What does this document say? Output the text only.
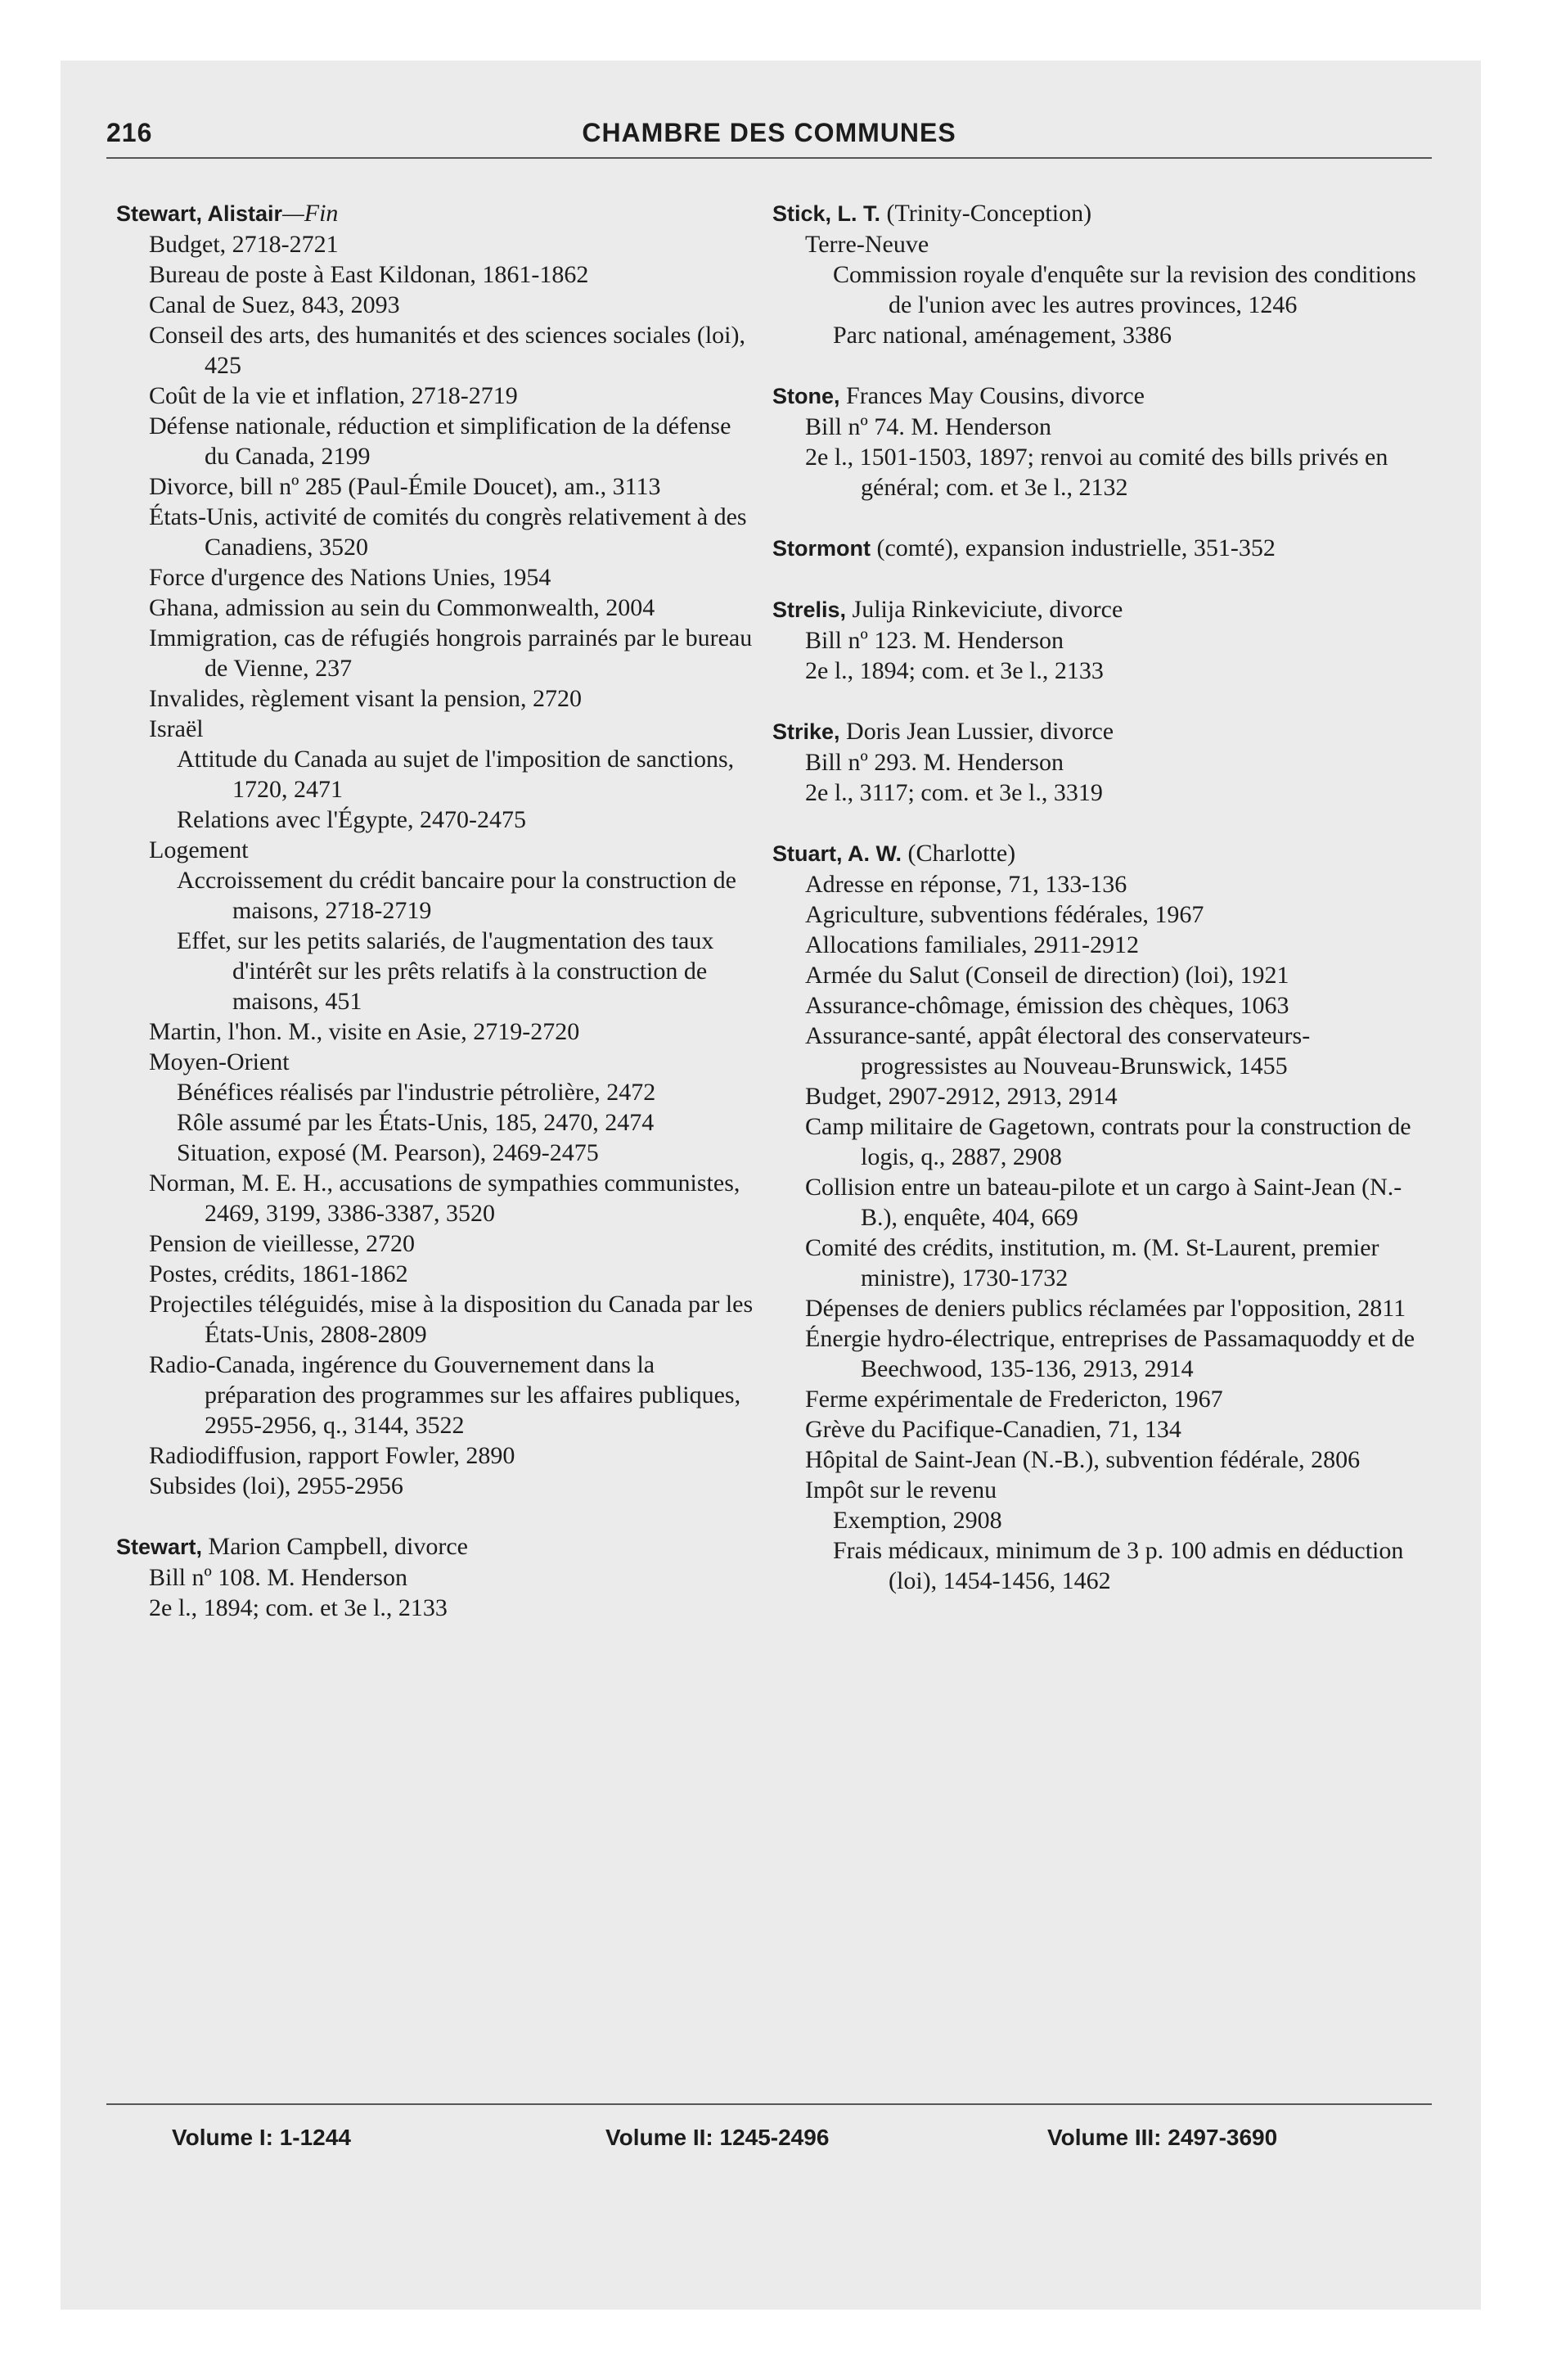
216	CHAMBRE DES COMMUNES
Stewart, Alistair—Fin
Budget, 2718-2721
Bureau de poste à East Kildonan, 1861-1862
Canal de Suez, 843, 2093
Conseil des arts, des humanités et des sciences sociales (loi), 425
Coût de la vie et inflation, 2718-2719
Défense nationale, réduction et simplification de la défense du Canada, 2199
Divorce, bill nº 285 (Paul-Émile Doucet), am., 3113
États-Unis, activité de comités du congrès relativement à des Canadiens, 3520
Force d'urgence des Nations Unies, 1954
Ghana, admission au sein du Commonwealth, 2004
Immigration, cas de réfugiés hongrois parrainés par le bureau de Vienne, 237
Invalides, règlement visant la pension, 2720
Israël
Attitude du Canada au sujet de l'imposition de sanctions, 1720, 2471
Relations avec l'Égypte, 2470-2475
Logement
Accroissement du crédit bancaire pour la construction de maisons, 2718-2719
Effet, sur les petits salariés, de l'augmentation des taux d'intérêt sur les prêts relatifs à la construction de maisons, 451
Martin, l'hon. M., visite en Asie, 2719-2720
Moyen-Orient
Bénéfices réalisés par l'industrie pétrolière, 2472
Rôle assumé par les États-Unis, 185, 2470, 2474
Situation, exposé (M. Pearson), 2469-2475
Norman, M. E. H., accusations de sympathies communistes, 2469, 3199, 3386-3387, 3520
Pension de vieillesse, 2720
Postes, crédits, 1861-1862
Projectiles téléguidés, mise à la disposition du Canada par les États-Unis, 2808-2809
Radio-Canada, ingérence du Gouvernement dans la préparation des programmes sur les affaires publiques, 2955-2956, q., 3144, 3522
Radiodiffusion, rapport Fowler, 2890
Subsides (loi), 2955-2956
Stewart, Marion Campbell, divorce
Bill nº 108. M. Henderson
2e l., 1894; com. et 3e l., 2133
Stick, L. T. (Trinity-Conception)
Terre-Neuve
Commission royale d'enquête sur la revision des conditions de l'union avec les autres provinces, 1246
Parc national, aménagement, 3386
Stone, Frances May Cousins, divorce
Bill nº 74. M. Henderson
2e l., 1501-1503, 1897; renvoi au comité des bills privés en général; com. et 3e l., 2132
Stormont (comté), expansion industrielle, 351-352
Strelis, Julija Rinkeviciute, divorce
Bill nº 123. M. Henderson
2e l., 1894; com. et 3e l., 2133
Strike, Doris Jean Lussier, divorce
Bill nº 293. M. Henderson
2e l., 3117; com. et 3e l., 3319
Stuart, A. W. (Charlotte)
Adresse en réponse, 71, 133-136
Agriculture, subventions fédérales, 1967
Allocations familiales, 2911-2912
Armée du Salut (Conseil de direction) (loi), 1921
Assurance-chômage, émission des chèques, 1063
Assurance-santé, appât électoral des conservateurs-progressistes au Nouveau-Brunswick, 1455
Budget, 2907-2912, 2913, 2914
Camp militaire de Gagetown, contrats pour la construction de logis, q., 2887, 2908
Collision entre un bateau-pilote et un cargo à Saint-Jean (N.-B.), enquête, 404, 669
Comité des crédits, institution, m. (M. St-Laurent, premier ministre), 1730-1732
Dépenses de deniers publics réclamées par l'opposition, 2811
Énergie hydro-électrique, entreprises de Passamaquoddy et de Beechwood, 135-136, 2913, 2914
Ferme expérimentale de Fredericton, 1967
Grève du Pacifique-Canadien, 71, 134
Hôpital de Saint-Jean (N.-B.), subvention fédérale, 2806
Impôt sur le revenu
Exemption, 2908
Frais médicaux, minimum de 3 p. 100 admis en déduction (loi), 1454-1456, 1462
Volume I: 1-1244	Volume II: 1245-2496	Volume III: 2497-3690
